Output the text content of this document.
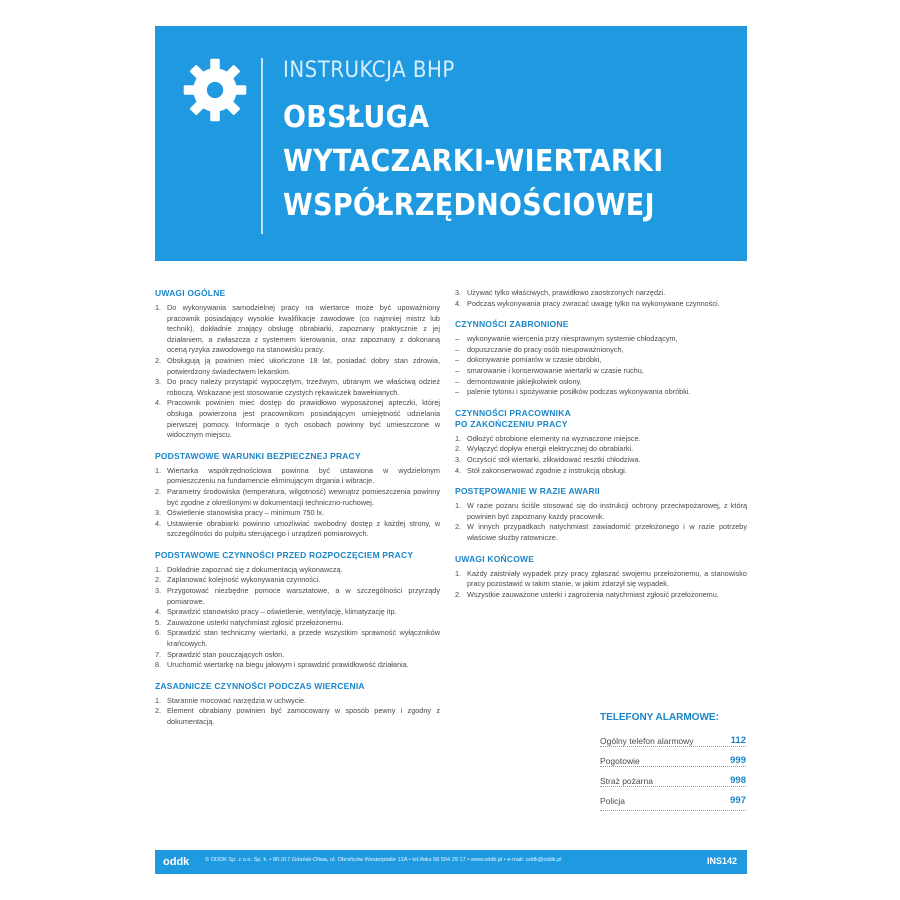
INSTRUKCJA BHP
OBSŁUGA
WYTACZARKI-WIERTARKI
WSPÓŁRZĘDNOŚCIOWEJ
UWAGI OGÓLNE
1. Do wykonywania samodzielnej pracy na wiertarce może być upoważniony pracownik posiadający wysokie kwalifikacje zawodowe (co najmniej mistrz lub technik), dokładnie znający obsługę obrabiarki, zapoznany praktycznie z jej działaniem, a zwłaszcza z systemem kierowania, oraz zapoznany z dokonaną oceną ryzyka zawodowego na stanowisku pracy.
2. Obsługują ją powinien mieć ukończone 18 lat, posiadać dobry stan zdrowia, potwierdzony świadectwem lekarskim.
3. Do pracy należy przystąpić wypoczętym, trzeźwym, ubranym we właściwą odzież roboczą. Wskazane jest stosowanie czystych rękawiczek bawełnianych.
4. Pracownik powinien mieć dostęp do prawidłowo wyposażonej apteczki, której obsługa powierzona jest pracownikom posiadającym umiejętność udzielania pierwszej pomocy. Informacje o tych osobach powinny być umieszczone w widocznym miejscu.
PODSTAWOWE WARUNKI BEZPIECZNEJ PRACY
1. Wiertarka współrzędnościowa powinna być ustawiona w wydzielonym pomieszczeniu na fundamencie eliminującym drgania i wibracje.
2. Parametry środowiska (temperatura, wilgotność) wewnątrz pomieszczenia powinny być zgodne z określonymi w dokumentacji techniczno-ruchowej.
3. Oświetlenie stanowiska pracy – minimum 750 lx.
4. Ustawienie obrabiarki powinno umożliwiać swobodny dostęp z każdej strony, w szczególności do pulpitu sterującego i urządzeń pomiarowych.
PODSTAWOWE CZYNNOŚCI PRZED ROZPOCZĘCIEM PRACY
1. Dokładnie zapoznać się z dokumentacją wykonawczą.
2. Zaplanować kolejność wykonywania czynności.
3. Przygotować niezbędne pomoce warsztatowe, a w szczególności przyrządy pomiarowe.
4. Sprawdzić stanowisko pracy – oświetlenie, wentylację, klimatyzację itp.
5. Zauważone usterki natychmiast zgłosić przełożonemu.
6. Sprawdzić stan techniczny wiertarki, a przede wszystkim sprawność wyłączników krańcowych.
7. Sprawdzić stan pouczających osłon.
8. Uruchomić wiertarkę na biegu jałowym i sprawdzić prawidłowość działania.
ZASADNICZE CZYNNOŚCI PODCZAS WIERCENIA
1. Starannie mocować narzędzia w uchwycie.
2. Element obrabiany powinien być zamocowany w sposób pewny i zgodny z dokumentacją.
3. Używać tylko właściwych, prawidłowo zaostrzonych narzędzi.
4. Podczas wykonywania pracy zwracać uwagę tylko na wykonywane czynności.
CZYNNOŚCI ZABRONIONE
– wykonywanie wiercenia przy niesprawnym systemie chłodzącym,
– dopuszczanie do pracy osób nieupoważnionych,
– dokonywanie pomiarów w czasie obróbki,
– smarowanie i konserwowanie wiertarki w czasie ruchu,
– demontowanie jakiejkolwiek osłony,
– palenie tytoniu i spożywanie posiłków podczas wykonywania obróbki.
CZYNNOŚCI PRACOWNIKA
PO ZAKOŃCZENIU PRACY
1. Odłożyć obrobione elementy na wyznaczone miejsce.
2. Wyłączyć dopływ energii elektrycznej do obrabiarki.
3. Oczyścić stół wiertarki, zlikwidować resztki chłodziwa.
4. Stół zakonserwować zgodnie z instrukcją obsługi.
POSTĘPOWANIE W RAZIE AWARII
1. W razie pożaru ściśle stosować się do instrukcji ochrony przeciwpożarowej, z którą powinien być zapoznany każdy pracownik.
2. W innych przypadkach natychmiast zawiadomić przełożonego i w razie potrzeby właściwe służby ratownicze.
UWAGI KOŃCOWE
1. Każdy zaistniały wypadek przy pracy zgłaszać swojemu przełożonemu, a stanowisko pracy pozostawić w takim stanie, w jakim zdarzył się wypadek.
2. Wszystkie zauważone usterki i zagrożenia natychmiast zgłosić przełożonemu.
TELEFONY ALARMOWE:
Ogólny telefon alarmowy	112
Pogotowie	999
Straż pożarna	998
Policja	997
oddk	© ODDK Sp. z o.o. Sp. k. • 80-317 Gdańsk-Oliwa, ul. Obrońców Westerplatte 12A • tel./faks 58 554 29 17 • www.oddk.pl • e-mail: oddk@oddk.pl	INS142
